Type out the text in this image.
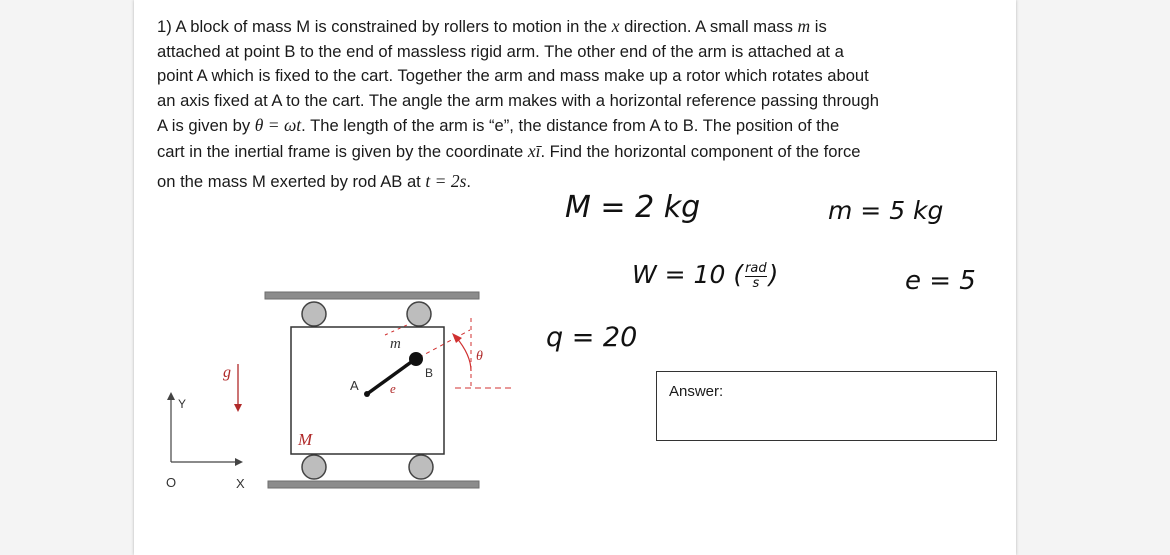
1) A block of mass M is constrained by rollers to motion in the x direction. A small mass m is
attached at point B to the end of massless rigid arm. The other end of the arm is attached at a
point A which is fixed to the cart. Together the arm and mass make up a rotor which rotates about
an axis fixed at A to the cart. The angle the arm makes with a horizontal reference passing through
A is given by θ = ωt. The length of the arm is “e”, the distance from A to B. The position of the
cart in the inertial frame is given by the coordinate xī. Find the horizontal component of the force
on the mass M exerted by rod AB at t = 2s.
M = 2 kg	m = 5 kg
W = 10 ( rad
s )	e = 5
q = 20
Answer:
M
m
A
B
e
θ
g
Y
X
O
